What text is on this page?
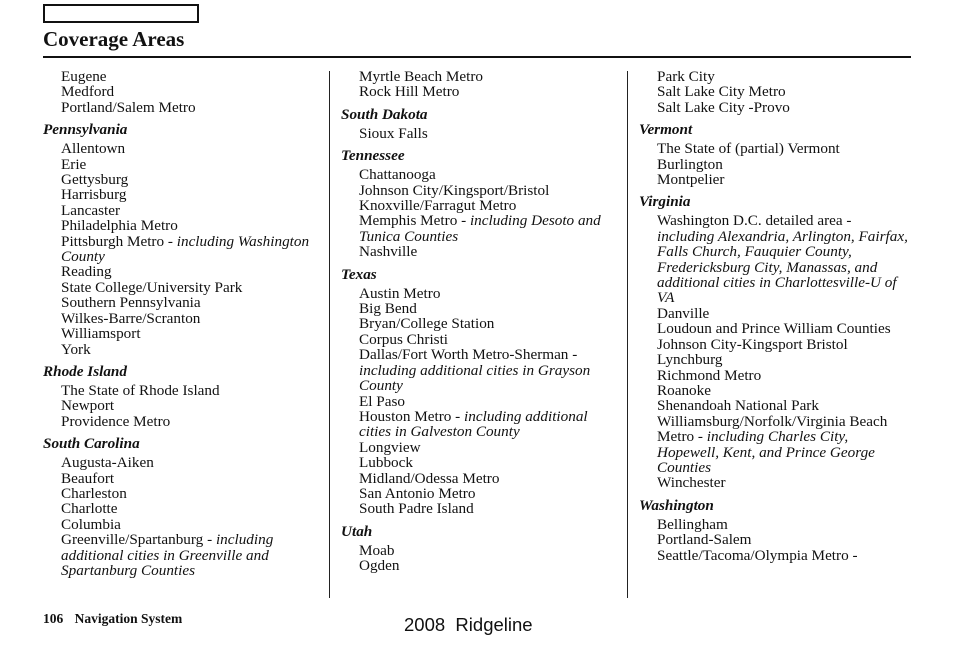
Coverage Areas
Eugene
Medford
Portland/Salem Metro
Pennsylvania
Allentown
Erie
Gettysburg
Harrisburg
Lancaster
Philadelphia Metro
Pittsburgh Metro - including Washington County
Reading
State College/University Park
Southern Pennsylvania
Wilkes-Barre/Scranton
Williamsport
York
Rhode Island
The State of Rhode Island
Newport
Providence Metro
South Carolina
Augusta-Aiken
Beaufort
Charleston
Charlotte
Columbia
Greenville/Spartanburg - including additional cities in Greenville and Spartanburg Counties
Myrtle Beach Metro
Rock Hill Metro
South Dakota
Sioux Falls
Tennessee
Chattanooga
Johnson City/Kingsport/Bristol
Knoxville/Farragut Metro
Memphis Metro - including Desoto and Tunica Counties
Nashville
Texas
Austin Metro
Big Bend
Bryan/College Station
Corpus Christi
Dallas/Fort Worth Metro-Sherman - including additional cities in Grayson County
El Paso
Houston Metro - including additional cities in Galveston County
Longview
Lubbock
Midland/Odessa Metro
San Antonio Metro
South Padre Island
Utah
Moab
Ogden
Park City
Salt Lake City Metro
Salt Lake City -Provo
Vermont
The State of (partial) Vermont
Burlington
Montpelier
Virginia
Washington D.C. detailed area - including Alexandria, Arlington, Fairfax, Falls Church, Fauquier County, Fredericksburg City, Manassas, and additional cities in Charlottesville-U of VA
Danville
Loudoun and Prince William Counties
Johnson City-Kingsport Bristol
Lynchburg
Richmond Metro
Roanoke
Shenandoah National Park
Williamsburg/Norfolk/Virginia Beach Metro - including Charles City, Hopewell, Kent, and Prince George Counties
Winchester
Washington
Bellingham
Portland-Salem
Seattle/Tacoma/Olympia Metro -
106 Navigation System	2008  Ridgeline
